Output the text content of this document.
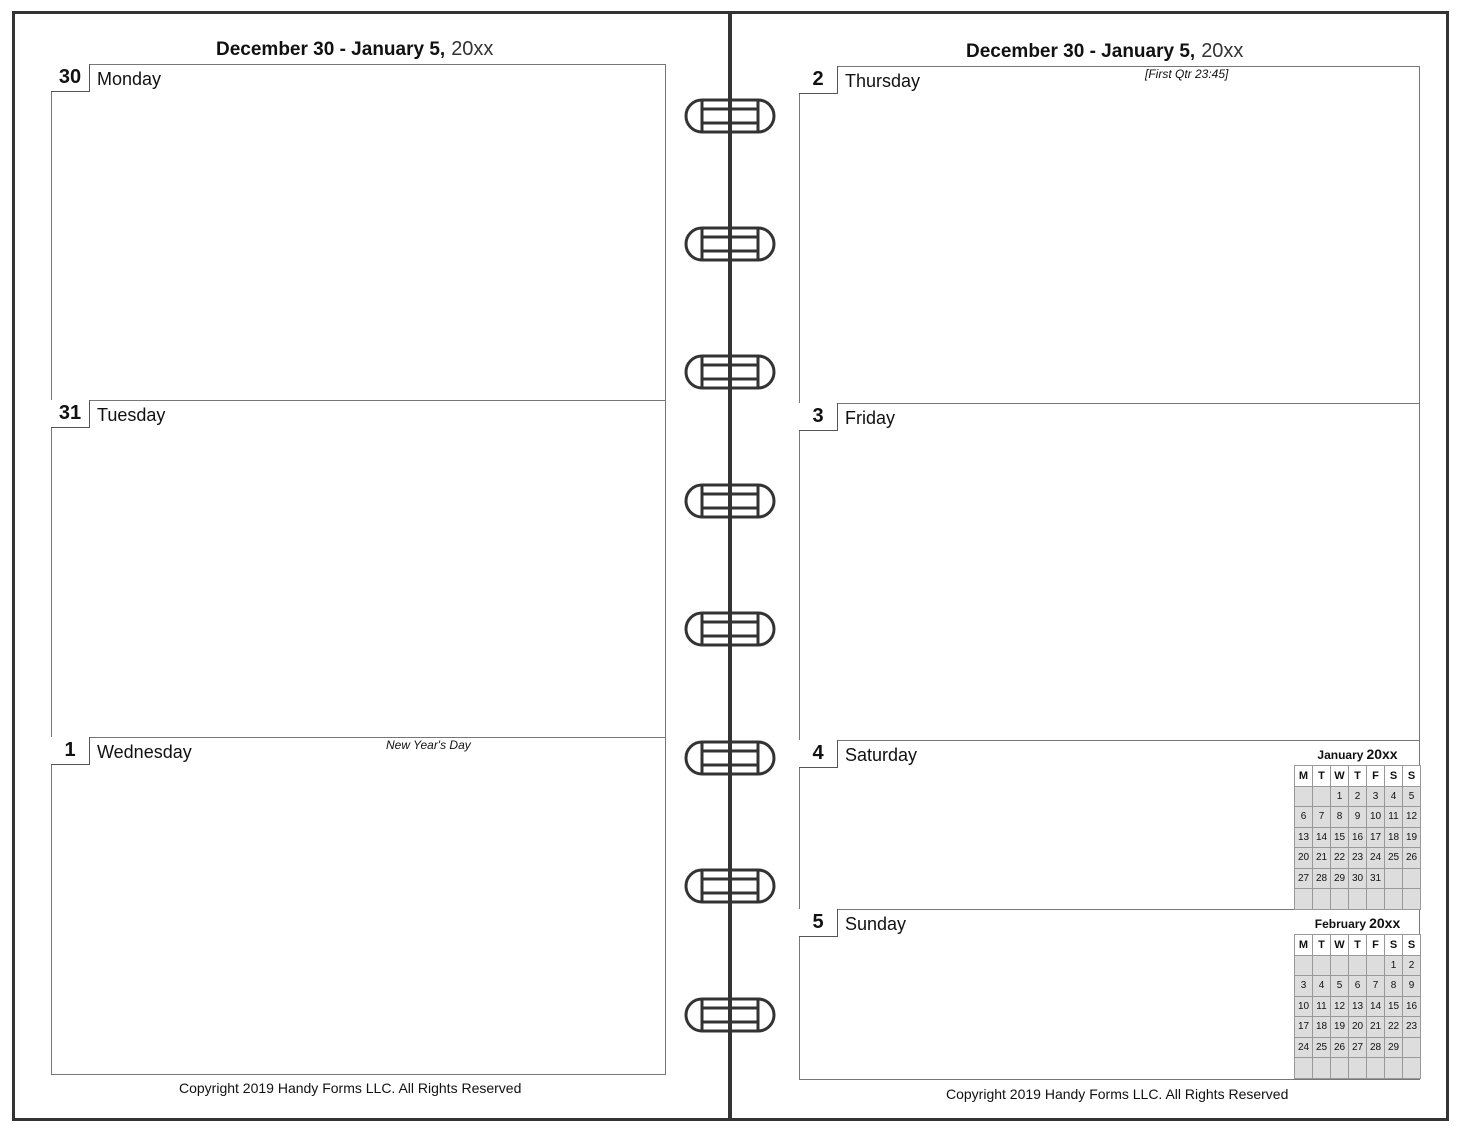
December 30 - January 5, 20xx
30 Monday
31 Tuesday
1	Wednesday	New Year's Day
Copyright 2019 Handy Forms LLC. All Rights Reserved
December 30 - January 5, 20xx
2	Thursday	[First Qtr 23:45]
3	Friday
4	Saturday
5	Sunday
January 20xx
M	T	W	T	F	S	S
		1	2	3	4	5
6	7	8	9	10	11	12
13	14	15	16	17	18	19
20	21	22	23	24	25	26
27	28	29	30	31		

February 20xx
M	T	W	T	F	S	S
					1	2
3	4	5	6	7	8	9
10	11	12	13	14	15	16
17	18	19	20	21	22	23
24	25	26	27	28	29	

Copyright 2019 Handy Forms LLC. All Rights Reserved
